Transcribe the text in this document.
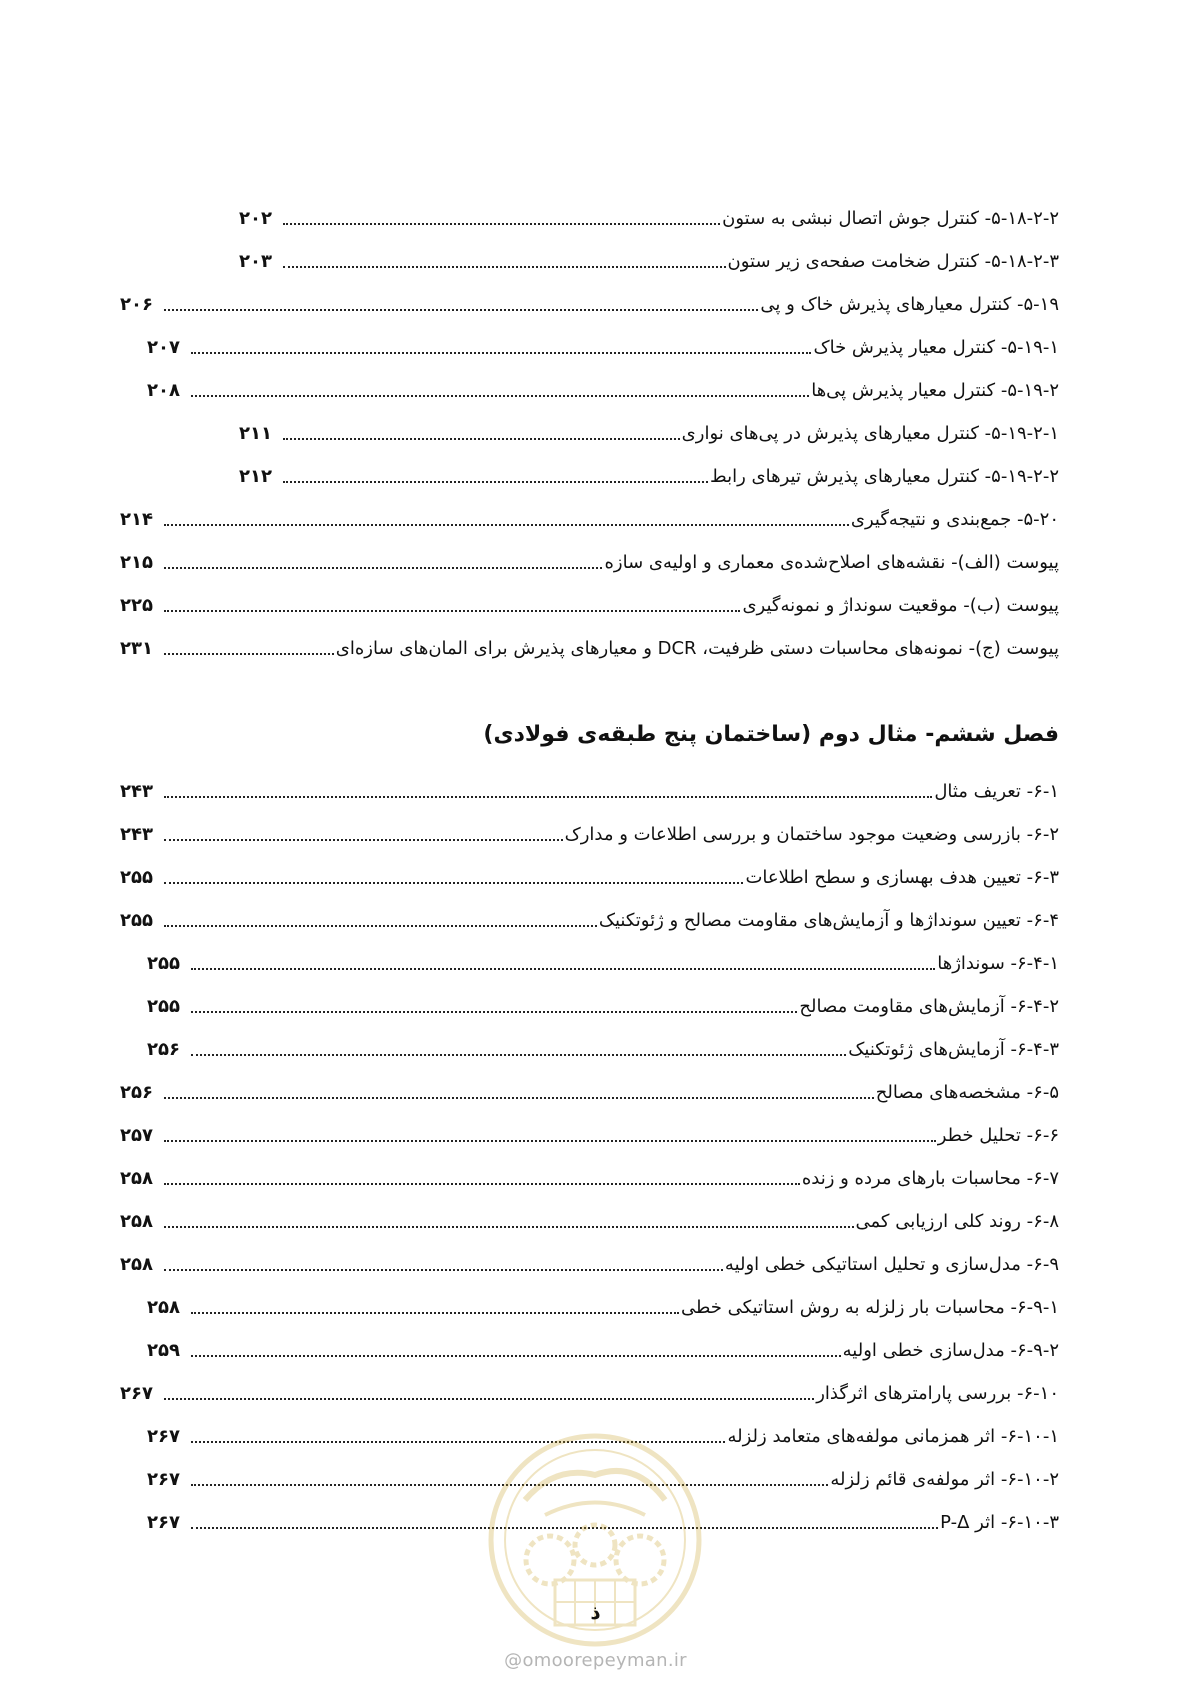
۵-۱۸-۲-۲- کنترل جوش اتصال نبشی به ستون
۲۰۲
۵-۱۸-۲-۳- کنترل ضخامت صفحه‌ی زیر ستون
۲۰۳
۵-۱۹- کنترل معیارهای پذیرش خاک و پی
۲۰۶
۵-۱۹-۱- کنترل معیار پذیرش خاک
۲۰۷
۵-۱۹-۲- کنترل معیار پذیرش پی‌ها
۲۰۸
۵-۱۹-۲-۱- کنترل معیارهای پذیرش در پی‌های نواری
۲۱۱
۵-۱۹-۲-۲- کنترل معیارهای پذیرش تیرهای رابط
۲۱۲
۵-۲۰- جمع‌بندی و نتیجه‌گیری
۲۱۴
پیوست (الف)- نقشه‌های اصلاح‌شده‌ی معماری و اولیه‌ی سازه
۲۱۵
پیوست (ب)- موقعیت سونداژ و نمونه‌گیری
۲۲۵
پیوست (ج)- نمونه‌های محاسبات دستی ظرفیت، DCR و معیارهای پذیرش برای المان‌های سازه‌ای
۲۳۱
فصل ششم- مثال دوم (ساختمان پنج طبقه‌ی فولادی)
۶-۱- تعریف مثال
۲۴۳
۶-۲- بازرسی وضعیت موجود ساختمان و بررسی اطلاعات و مدارک
۲۴۳
۶-۳- تعیین هدف بهسازی و سطح اطلاعات
۲۵۵
۶-۴- تعیین سونداژها و آزمایش‌های مقاومت مصالح و ژئوتکنیک
۲۵۵
۶-۴-۱- سونداژها
۲۵۵
۶-۴-۲- آزمایش‌های مقاومت مصالح
۲۵۵
۶-۴-۳- آزمایش‌های ژئوتکنیک
۲۵۶
۶-۵- مشخصه‌های مصالح
۲۵۶
۶-۶- تحلیل خطر
۲۵۷
۶-۷- محاسبات بارهای مرده و زنده
۲۵۸
۶-۸- روند کلی ارزیابی کمی
۲۵۸
۶-۹- مدل‌سازی و تحلیل استاتیکی خطی اولیه
۲۵۸
۶-۹-۱- محاسبات بار زلزله به روش استاتیکی خطی
۲۵۸
۶-۹-۲- مدل‌سازی خطی اولیه
۲۵۹
۶-۱۰- بررسی پارامترهای اثرگذار
۲۶۷
۶-۱۰-۱- اثر همزمانی مولفه‌های متعامد زلزله
۲۶۷
۶-۱۰-۲- اثر مولفه‌ی قائم زلزله
۲۶۷
۶-۱۰-۳- اثر P-Δ
۲۶۷
ذ
@omoorepeyman.ir
